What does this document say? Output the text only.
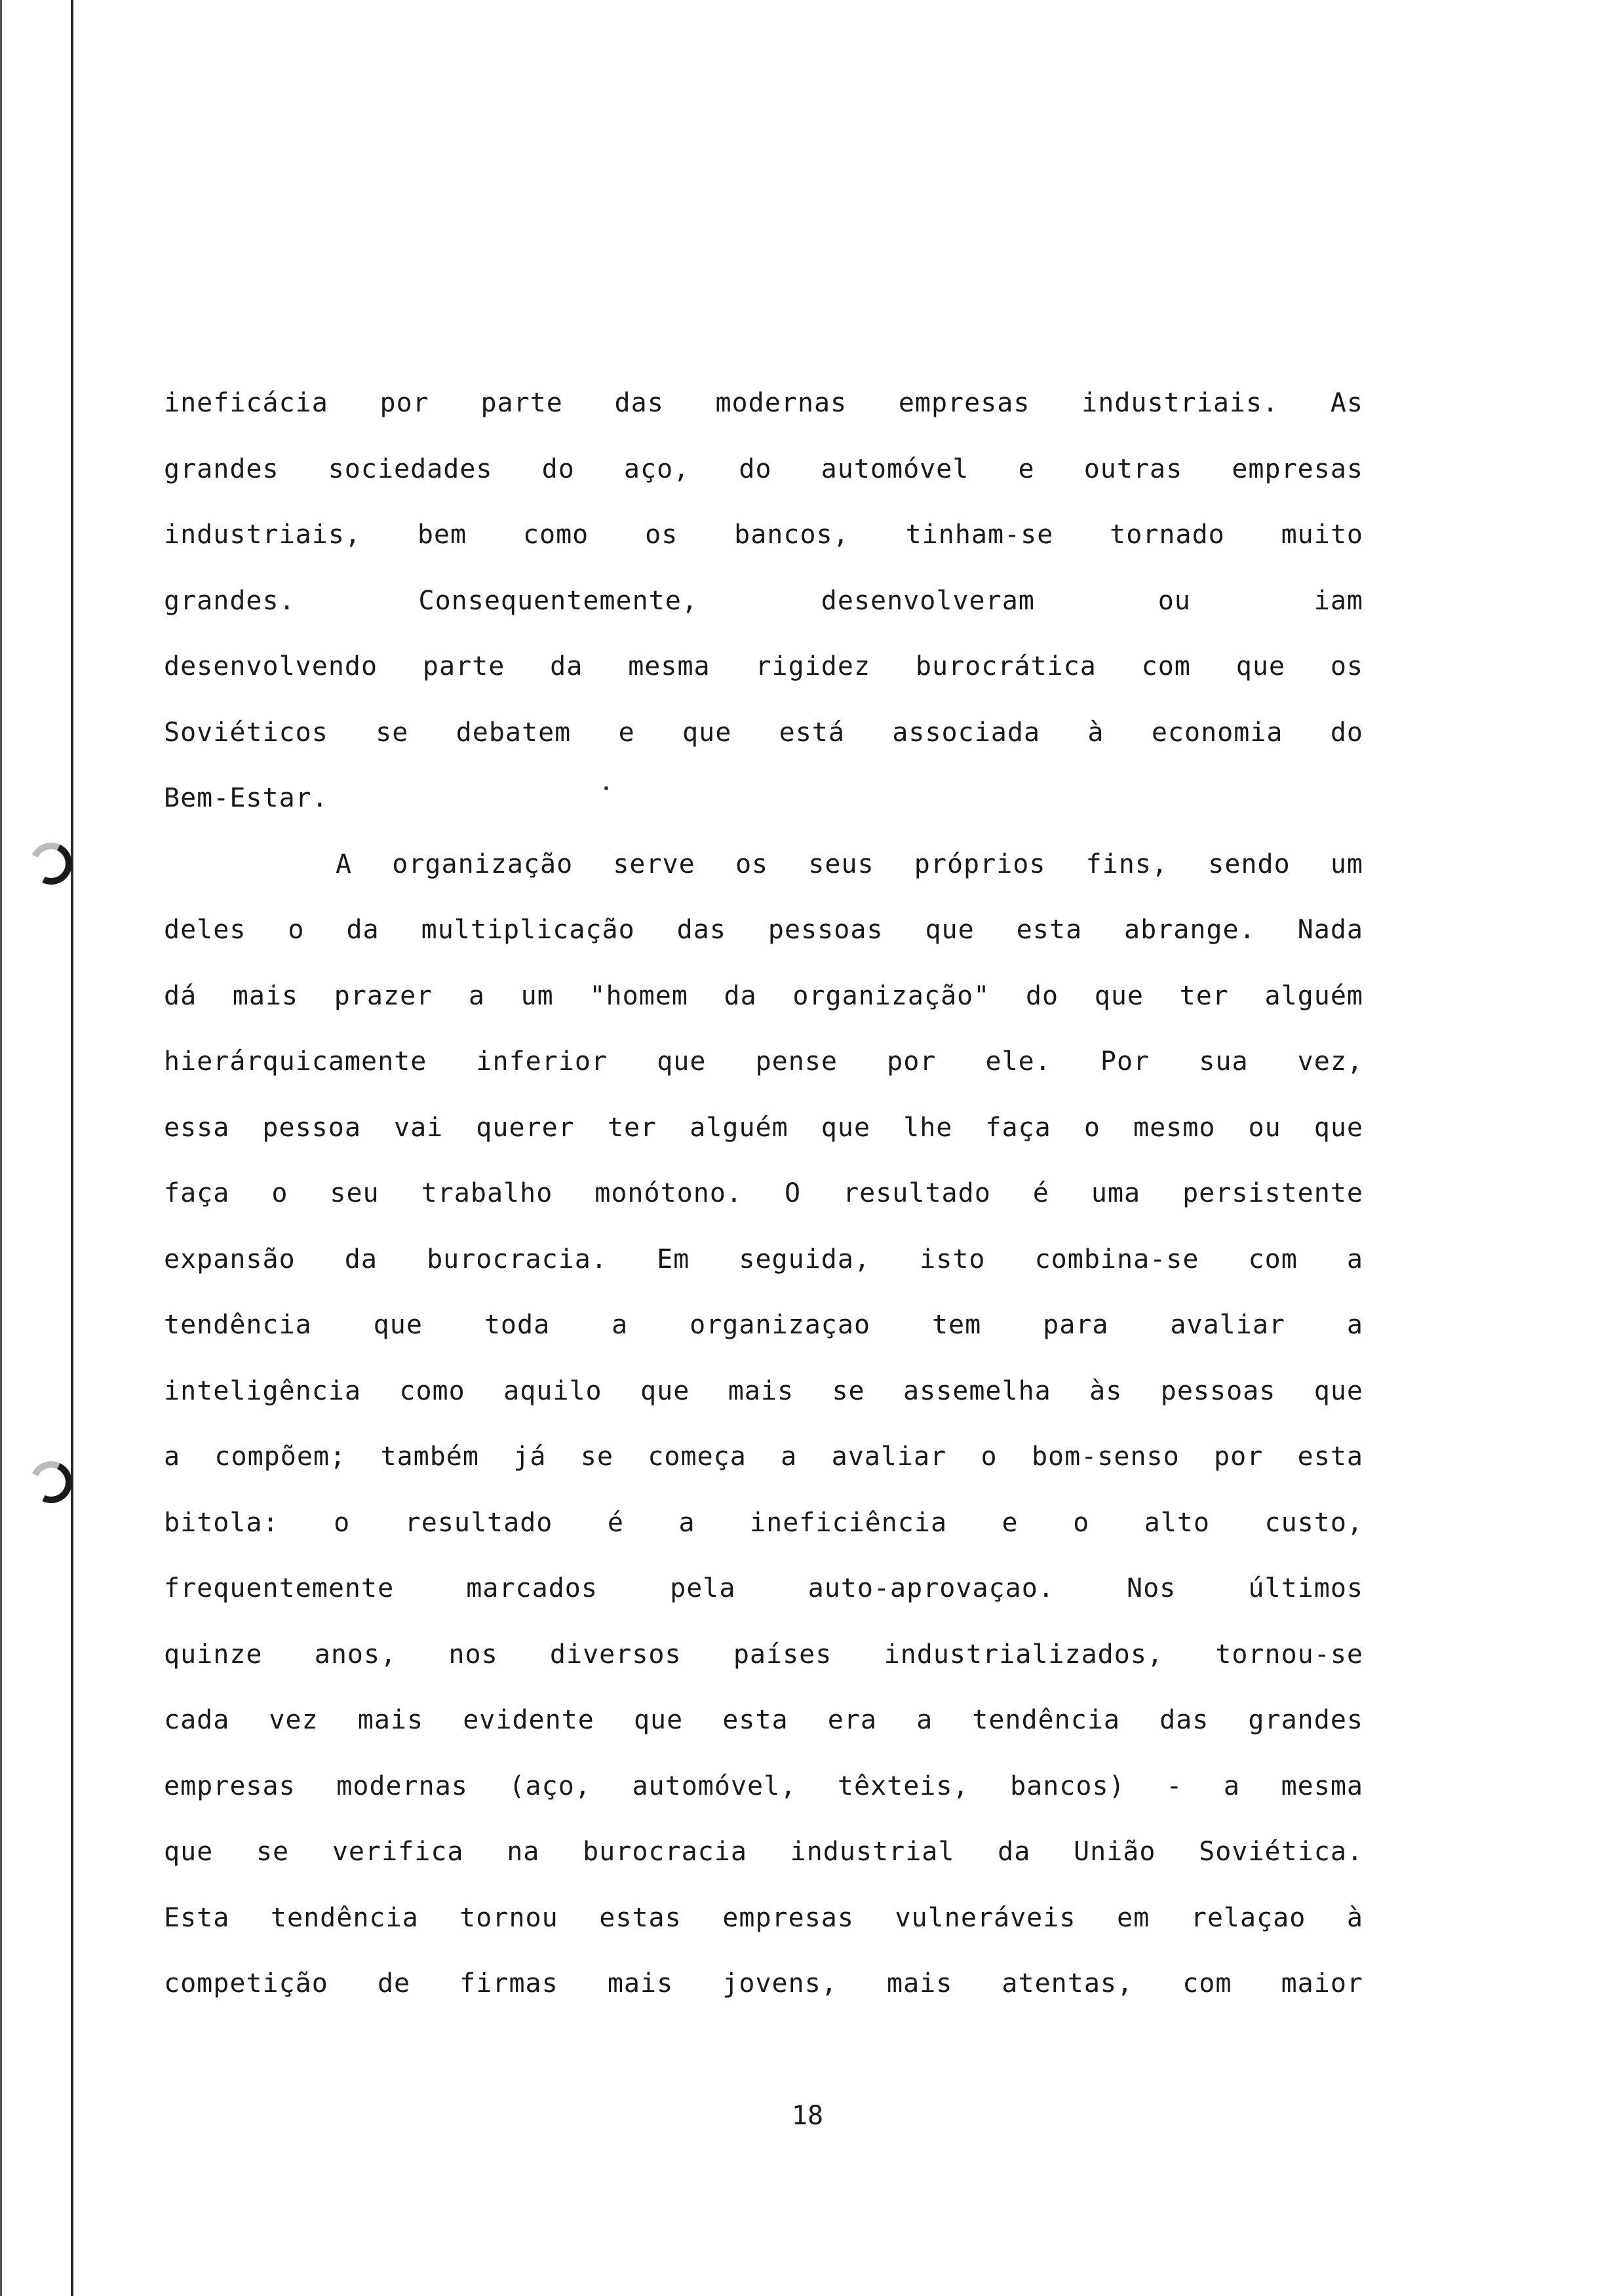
ineficácia por parte das modernas empresas industriais. As
grandes sociedades do aço, do automóvel e outras empresas
industriais, bem como os bancos, tinham-se tornado muito
grandes. Consequentemente, desenvolveram ou iam
desenvolvendo parte da mesma rigidez burocrática com que os
Soviéticos se debatem e que está associada à economia do
Bem-Estar.
A organização serve os seus próprios fins, sendo um
deles o da multiplicação das pessoas que esta abrange. Nada
dá mais prazer a um "homem da organização" do que ter alguém
hierárquicamente inferior que pense por ele. Por sua vez,
essa pessoa vai querer ter alguém que lhe faça o mesmo ou que
faça o seu trabalho monótono. O resultado é uma persistente
expansão da burocracia. Em seguida, isto combina-se com a
tendência que toda a organizaçao tem para avaliar a
inteligência como aquilo que mais se assemelha às pessoas que
a compõem; também já se começa a avaliar o bom-senso por esta
bitola: o resultado é a ineficiência e o alto custo,
frequentemente marcados pela auto-aprovaçao. Nos últimos
quinze anos, nos diversos países industrializados, tornou-se
cada vez mais evidente que esta era a tendência das grandes
empresas modernas (aço, automóvel, têxteis, bancos) - a mesma
que se verifica na burocracia industrial da União Soviética.
Esta tendência tornou estas empresas vulneráveis em relaçao à
competição de firmas mais jovens, mais atentas, com maior
18
